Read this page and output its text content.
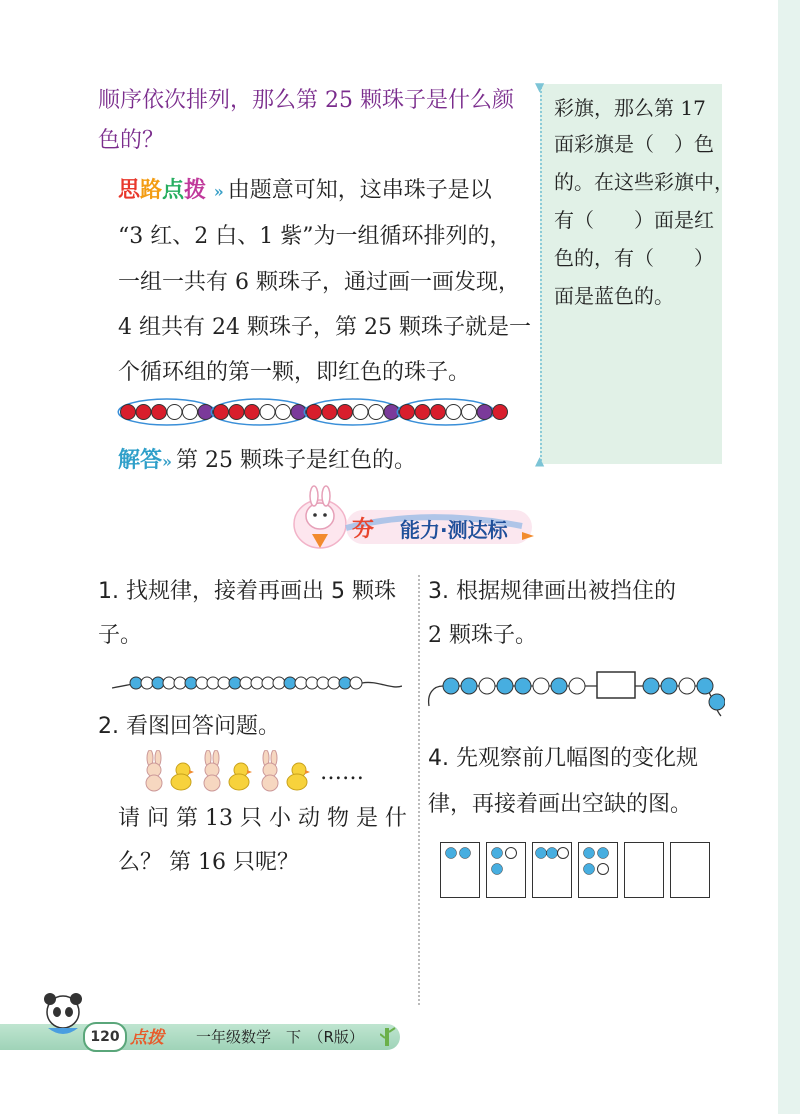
顺序依次排列，那么第 25 颗珠子是什么颜
色的？
思路点拨 » 由题意可知，这串珠子是以
“3 红、2 白、1 紫”为一组循环排列的，
一组一共有 6 颗珠子，通过画一画发现，
4 组共有 24 颗珠子，第 25 颗珠子就是一
个循环组的第一颗，即红色的珠子。
解答» 第 25 颗珠子是红色的。
彩旗，那么第 17
面彩旗是（　）色
的。在这些彩旗中，
有（　　）面是红
色的，有（　　）
面是蓝色的。
▼
▲
夯 能力·测达标
1. 找规律，接着再画出 5 颗珠
子。
2. 看图回答问题。
……
请 问 第 13 只 小 动 物 是 什
么？ 第 16 只呢？
3. 根据规律画出被挡住的
2 颗珠子。
4. 先观察前几幅图的变化规
律，再接着画出空缺的图。
120 点拨 一年级数学　下　（R版）
